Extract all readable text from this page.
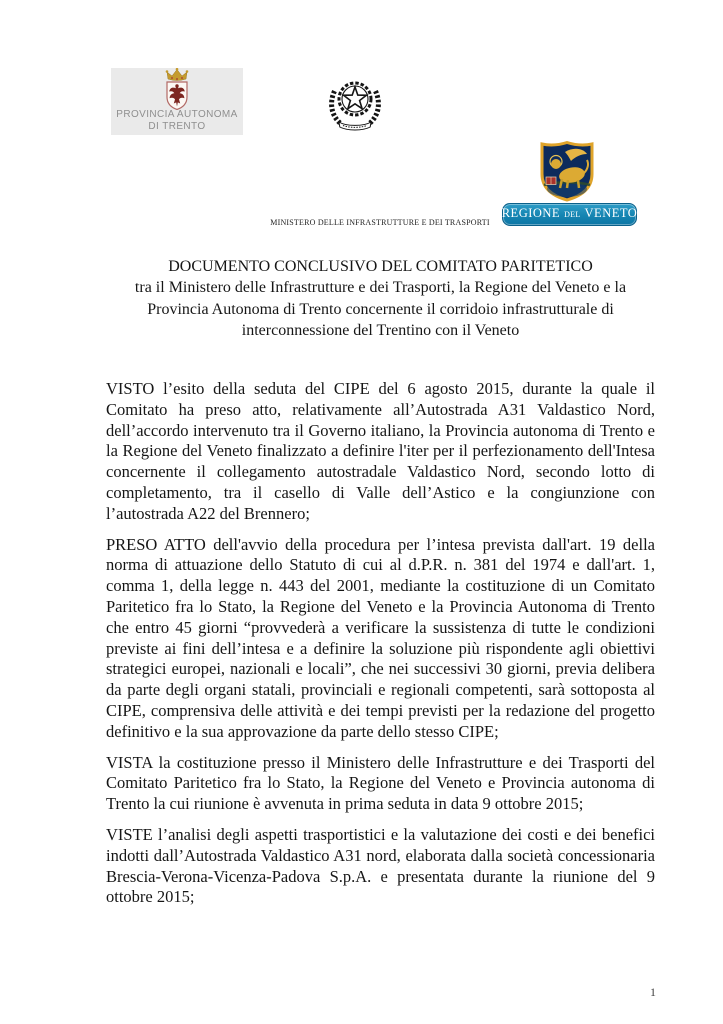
PROVINCIA AUTONOMA
DI TRENTO
MINISTERO DELLE INFRASTRUTTURE E DEI TRASPORTI
REGIONE DEL VENETO
DOCUMENTO CONCLUSIVO DEL COMITATO PARITETICO
tra il Ministero delle Infrastrutture e dei Trasporti, la Regione del Veneto e la
Provincia Autonoma di Trento concernente il corridoio infrastrutturale di
interconnessione del Trentino con il Veneto

VISTO l’esito della seduta del CIPE del 6 agosto 2015, durante la quale il Comitato ha preso atto, relativamente all’Autostrada A31 Valdastico Nord, dell’accordo intervenuto tra il Governo italiano, la Provincia autonoma di Trento e la Regione del Veneto finalizzato a definire l'iter per il perfezionamento dell'Intesa concernente il collegamento autostradale Valdastico Nord, secondo lotto di completamento, tra il casello di Valle dell’Astico e la congiunzione con l’autostrada A22 del Brennero;

PRESO ATTO dell'avvio della procedura per l’intesa prevista dall'art. 19 della norma di attuazione dello Statuto di cui al d.P.R. n. 381 del 1974 e dall'art. 1, comma 1, della legge n. 443 del 2001, mediante la costituzione di un Comitato Paritetico fra lo Stato, la Regione del Veneto e la Provincia Autonoma di Trento che entro 45 giorni “provvederà a verificare la sussistenza di tutte le condizioni previste ai fini dell’intesa e a definire la soluzione più rispondente agli obiettivi strategici europei, nazionali e locali”, che nei successivi 30 giorni, previa delibera da parte degli organi statali, provinciali e regionali competenti, sarà sottoposta al CIPE, comprensiva delle attività e dei tempi previsti per la redazione del progetto definitivo e la sua approvazione da parte dello stesso CIPE;

VISTA la costituzione presso il Ministero delle Infrastrutture e dei Trasporti del Comitato Paritetico fra lo Stato, la Regione del Veneto e Provincia autonoma di Trento la cui riunione è avvenuta in prima seduta in data 9 ottobre 2015;

VISTE l’analisi degli aspetti trasportistici e la valutazione dei costi e dei benefici indotti dall’Autostrada Valdastico A31 nord, elaborata dalla società concessionaria Brescia-Verona-Vicenza-Padova S.p.A. e presentata durante la riunione del 9 ottobre 2015;

1
